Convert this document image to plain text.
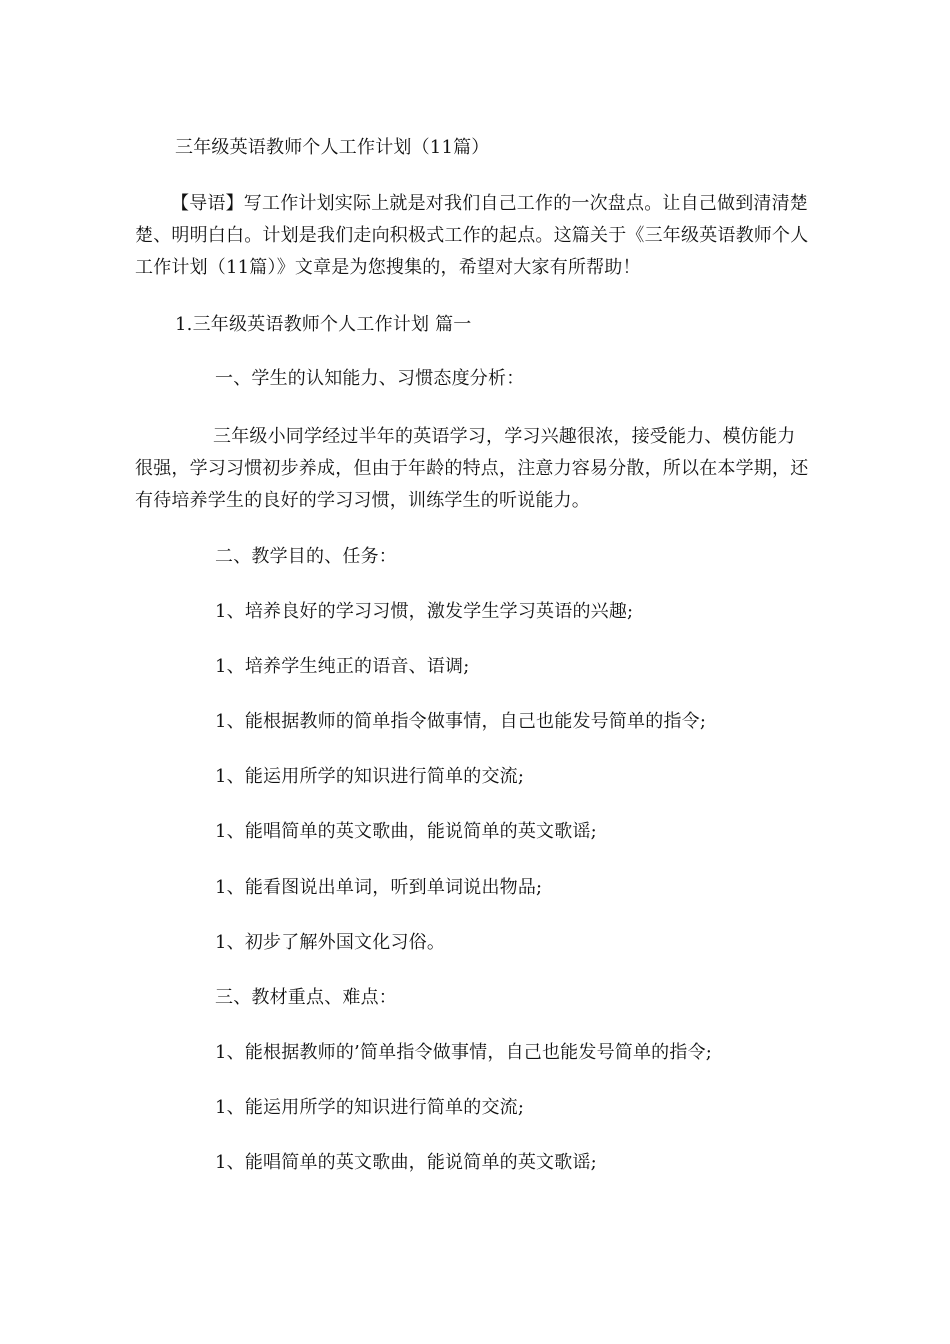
三年级英语教师个人工作计划（11篇）
【导语】写工作计划实际上就是对我们自己工作的一次盘点。让自己做到清清楚楚、明明白白。计划是我们走向积极式工作的起点。这篇关于《三年级英语教师个人工作计划（11篇）》文章是为您搜集的，希望对大家有所帮助！
1.三年级英语教师个人工作计划 篇一
一、学生的认知能力、习惯态度分析：
三年级小同学经过半年的英语学习，学习兴趣很浓，接受能力、模仿能力很强，学习习惯初步养成，但由于年龄的特点，注意力容易分散，所以在本学期，还有待培养学生的良好的学习习惯，训练学生的听说能力。
二、教学目的、任务：
1、培养良好的学习习惯，激发学生学习英语的兴趣;
1、培养学生纯正的语音、语调;
1、能根据教师的简单指令做事情，自己也能发号简单的指令;
1、能运用所学的知识进行简单的交流;
1、能唱简单的英文歌曲，能说简单的英文歌谣;
1、能看图说出单词，听到单词说出物品;
1、初步了解外国文化习俗。
三、教材重点、难点：
1、能根据教师的’简单指令做事情，自己也能发号简单的指令;
1、能运用所学的知识进行简单的交流;
1、能唱简单的英文歌曲，能说简单的英文歌谣;
